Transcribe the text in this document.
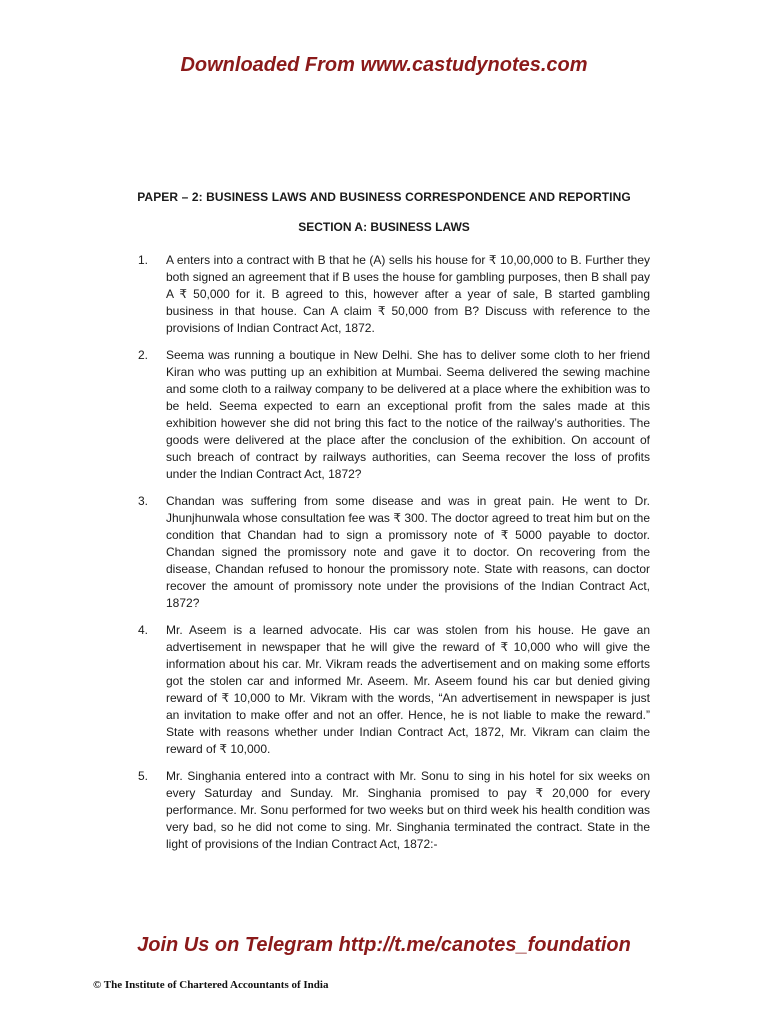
Downloaded From www.castudynotes.com
PAPER – 2: BUSINESS LAWS AND BUSINESS CORRESPONDENCE AND REPORTING
SECTION A: BUSINESS LAWS
1.	A enters into a contract with B that he (A) sells his house for ₹ 10,00,000 to B. Further they both signed an agreement that if B uses the house for gambling purposes, then B shall pay A ₹ 50,000 for it. B agreed to this, however after a year of sale, B started gambling business in that house. Can A claim ₹ 50,000 from B? Discuss with reference to the provisions of Indian Contract Act, 1872.
2.	Seema was running a boutique in New Delhi. She has to deliver some cloth to her friend Kiran who was putting up an exhibition at Mumbai. Seema delivered the sewing machine and some cloth to a railway company to be delivered at a place where the exhibition was to be held. Seema expected to earn an exceptional profit from the sales made at this exhibition however she did not bring this fact to the notice of the railway’s authorities. The goods were delivered at the place after the conclusion of the exhibition. On account of such breach of contract by railways authorities, can Seema recover the loss of profits under the Indian Contract Act, 1872?
3.	Chandan was suffering from some disease and was in great pain. He went to Dr. Jhunjhunwala whose consultation fee was ₹ 300. The doctor agreed to treat him but on the condition that Chandan had to sign a promissory note of ₹ 5000 payable to doctor. Chandan signed the promissory note and gave it to doctor. On recovering from the disease, Chandan refused to honour the promissory note. State with reasons, can doctor recover the amount of promissory note under the provisions of the Indian Contract Act, 1872?
4.	Mr. Aseem is a learned advocate. His car was stolen from his house. He gave an advertisement in newspaper that he will give the reward of ₹ 10,000 who will give the information about his car. Mr. Vikram reads the advertisement and on making some efforts got the stolen car and informed Mr. Aseem. Mr. Aseem found his car but denied giving reward of ₹ 10,000 to Mr. Vikram with the words, “An advertisement in newspaper is just an invitation to make offer and not an offer. Hence, he is not liable to make the reward.” State with reasons whether under Indian Contract Act, 1872, Mr. Vikram can claim the reward of ₹ 10,000.
5.	Mr. Singhania entered into a contract with Mr. Sonu to sing in his hotel for six weeks on every Saturday and Sunday. Mr. Singhania promised to pay ₹ 20,000 for every performance. Mr. Sonu performed for two weeks but on third week his health condition was very bad, so he did not come to sing. Mr. Singhania terminated the contract. State in the light of provisions of the Indian Contract Act, 1872:-
Join Us on Telegram http://t.me/canotes_foundation
© The Institute of Chartered Accountants of India
